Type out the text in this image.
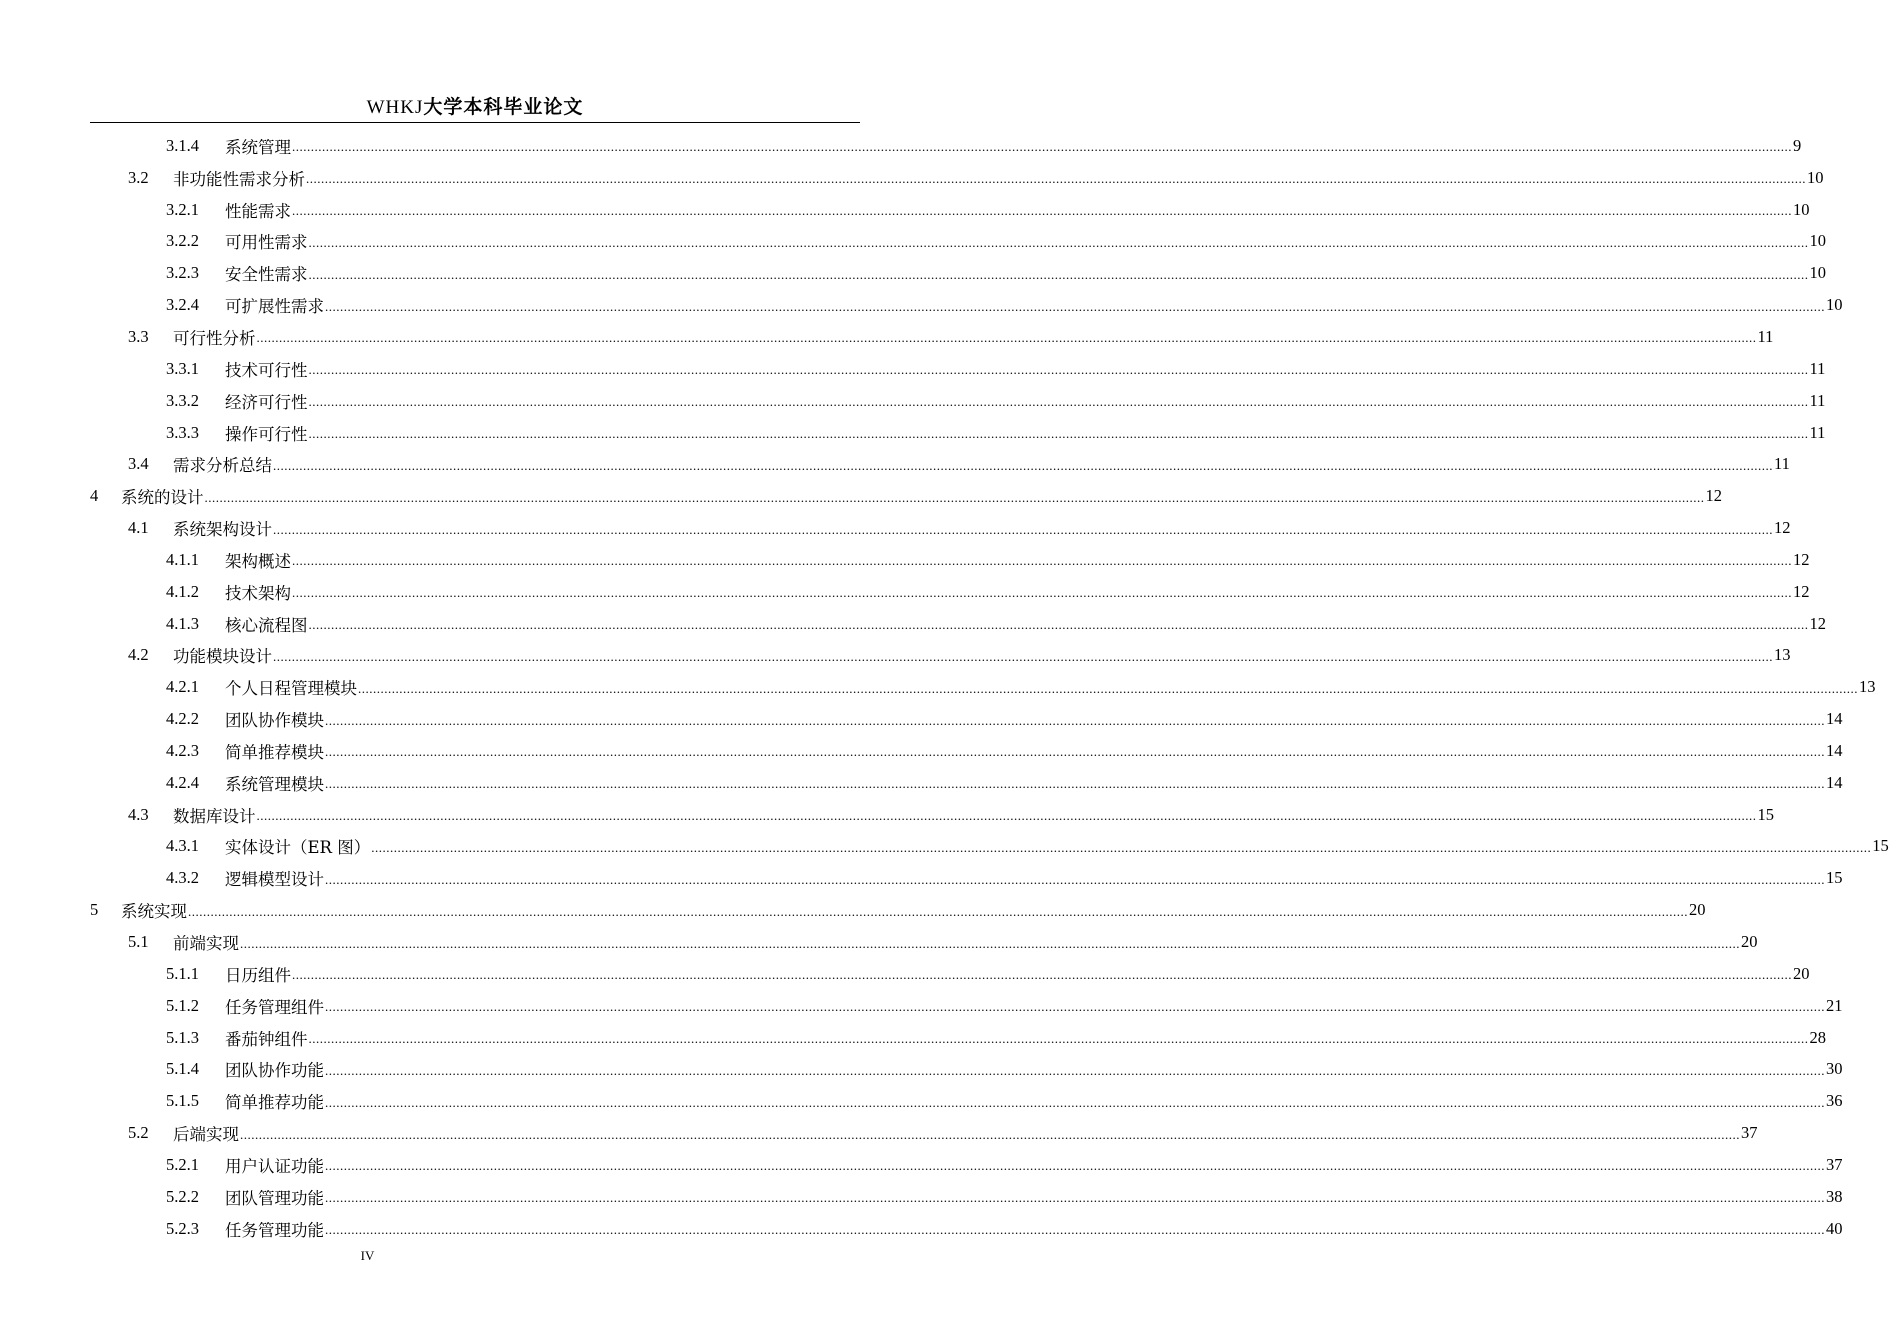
WHKJ大学本科毕业论文
3.1.4	系统管理 ................................................................................................................................................................................................................................................................................................................................................................................................................ 9
3.2	非功能性需求分析 ................................................................................................................................................................................................................................................................................................................................................................................................................ 10
3.2.1	性能需求 ................................................................................................................................................................................................................................................................................................................................................................................................................ 10
3.2.2	可用性需求 ................................................................................................................................................................................................................................................................................................................................................................................................................ 10
3.2.3	安全性需求 ................................................................................................................................................................................................................................................................................................................................................................................................................ 10
3.2.4	可扩展性需求 ................................................................................................................................................................................................................................................................................................................................................................................................................ 10
3.3	可行性分析 ................................................................................................................................................................................................................................................................................................................................................................................................................ 11
3.3.1	技术可行性 ................................................................................................................................................................................................................................................................................................................................................................................................................ 11
3.3.2	经济可行性 ................................................................................................................................................................................................................................................................................................................................................................................................................ 11
3.3.3	操作可行性 ................................................................................................................................................................................................................................................................................................................................................................................................................ 11
3.4	需求分析总结 ................................................................................................................................................................................................................................................................................................................................................................................................................ 11
4	系统的设计 ................................................................................................................................................................................................................................................................................................................................................................................................................ 12
4.1	系统架构设计 ................................................................................................................................................................................................................................................................................................................................................................................................................ 12
4.1.1	架构概述 ................................................................................................................................................................................................................................................................................................................................................................................................................ 12
4.1.2	技术架构 ................................................................................................................................................................................................................................................................................................................................................................................................................ 12
4.1.3	核心流程图 ................................................................................................................................................................................................................................................................................................................................................................................................................ 12
4.2	功能模块设计 ................................................................................................................................................................................................................................................................................................................................................................................................................ 13
4.2.1	个人日程管理模块 ................................................................................................................................................................................................................................................................................................................................................................................................................ 13
4.2.2	团队协作模块 ................................................................................................................................................................................................................................................................................................................................................................................................................ 14
4.2.3	简单推荐模块 ................................................................................................................................................................................................................................................................................................................................................................................................................ 14
4.2.4	系统管理模块 ................................................................................................................................................................................................................................................................................................................................................................................................................ 14
4.3	数据库设计 ................................................................................................................................................................................................................................................................................................................................................................................................................ 15
4.3.1	实体设计（ER 图） ................................................................................................................................................................................................................................................................................................................................................................................................................ 15
4.3.2	逻辑模型设计 ................................................................................................................................................................................................................................................................................................................................................................................................................ 15
5	系统实现 ................................................................................................................................................................................................................................................................................................................................................................................................................ 20
5.1	前端实现 ................................................................................................................................................................................................................................................................................................................................................................................................................ 20
5.1.1	日历组件 ................................................................................................................................................................................................................................................................................................................................................................................................................ 20
5.1.2	任务管理组件 ................................................................................................................................................................................................................................................................................................................................................................................................................ 21
5.1.3	番茄钟组件 ................................................................................................................................................................................................................................................................................................................................................................................................................ 28
5.1.4	团队协作功能 ................................................................................................................................................................................................................................................................................................................................................................................................................ 30
5.1.5	简单推荐功能 ................................................................................................................................................................................................................................................................................................................................................................................................................ 36
5.2	后端实现 ................................................................................................................................................................................................................................................................................................................................................................................................................ 37
5.2.1	用户认证功能 ................................................................................................................................................................................................................................................................................................................................................................................................................ 37
5.2.2	团队管理功能 ................................................................................................................................................................................................................................................................................................................................................................................................................ 38
5.2.3	任务管理功能 ................................................................................................................................................................................................................................................................................................................................................................................................................ 40
IV
